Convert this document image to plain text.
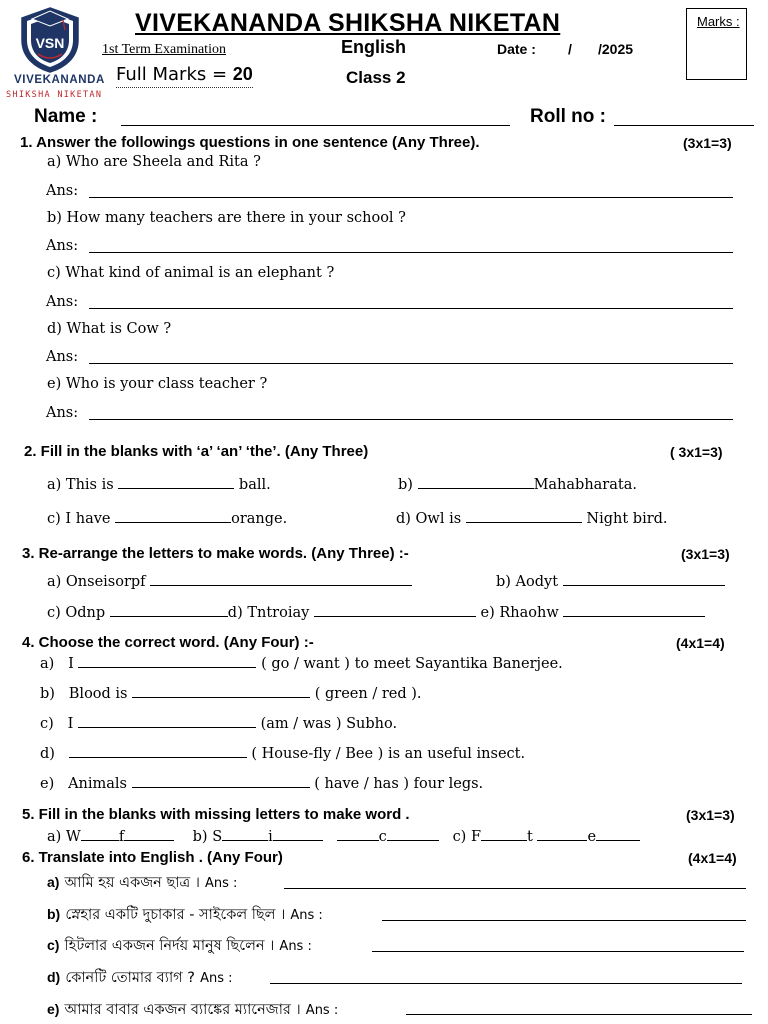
VSN
VIVEKANANDA
SHIKSHA NIKETAN
VIVEKANANDA SHIKSHA NIKETAN
1st Term Examination	English	Date : / /2025
Full Marks = 20	Class 2
Marks :
Name :	Roll no :
1. Answer the followings questions in one sentence (Any Three).	(3x1=3)
a) Who are Sheela and Rita ?
Ans:
b) How many teachers are there in your school ?
Ans:
c) What kind of animal is an elephant ?
Ans:
d) What is Cow ?
Ans:
e) Who is your class teacher ?
Ans:
2. Fill in the blanks with ‘a’ ‘an’ ‘the’. (Any Three)	( 3x1=3)
a) This is	ball.	b)	Mahabharata.
c) I have	orange.	d) Owl is	Night bird.
3. Re-arrange the letters to make words. (Any Three) :-	(3x1=3)
a) Onseisorpf	b) Aodyt
c) Odnp	d) Tntroiay	e) Rhaohw
4. Choose the correct word. (Any Four) :-	(4x1=4)
a) I	( go / want ) to meet Sayantika Banerjee.
b) Blood is	( green / red ).
c) I	(am / was ) Subho.
d)	( House-fly / Bee ) is an useful insect.
e) Animals	( have / has ) four legs.
5. Fill in the blanks with missing letters to make word .	(3x1=3)
a) W	f	b) S	i	c	c) F	t	e
6. Translate into English . (Any Four)	(4x1=4)
a) আমি হয় একজন ছাত্র । Ans :
b) স্নেহার একটি দুচাকার - সাইকেল ছিল । Ans :
c) হিটলার একজন নির্দয় মানুষ ছিলেন । Ans :
d) কোনটি তোমার ব্যাগ ? Ans :
e) আমার বাবার একজন ব্যাঙ্কের ম্যানেজার । Ans :
